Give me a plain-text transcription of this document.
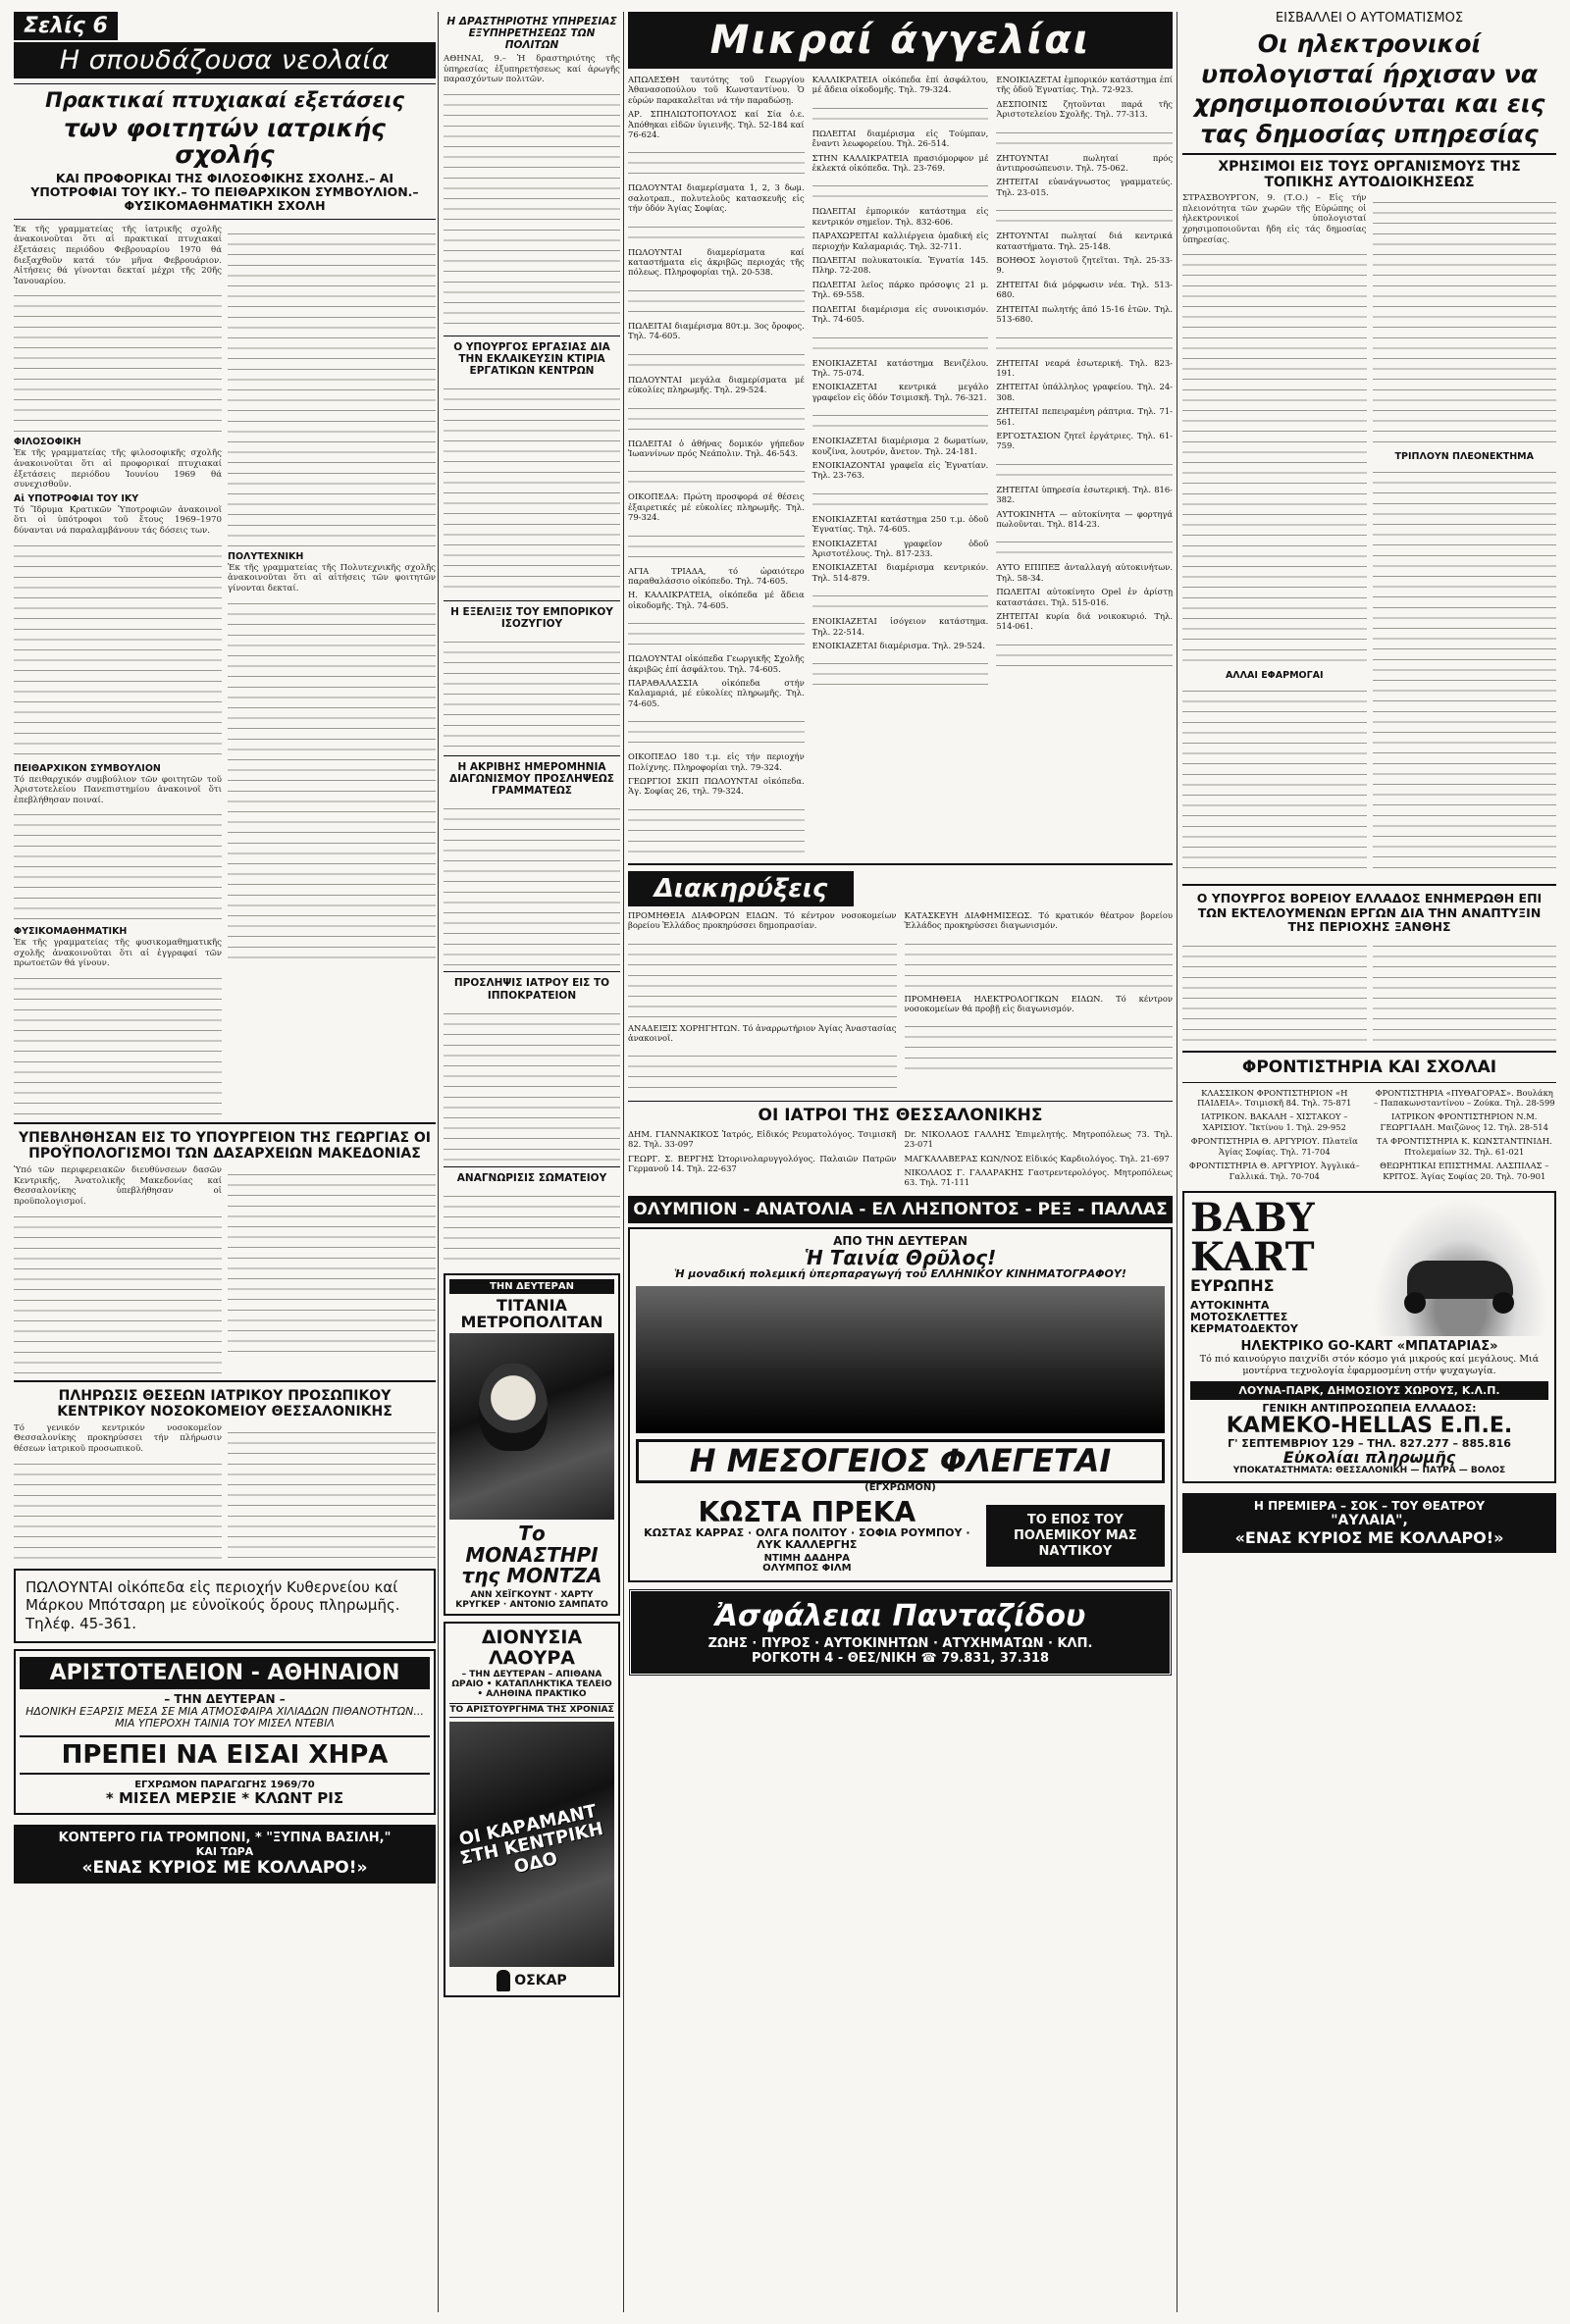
Σελίς 6
Η σπουδάζουσα νεολαία
Πρακτικαί πτυχιακαί εξετάσεις
των φοιτητών ιατρικής σχολής
ΚΑΙ ΠΡΟΦΟΡΙΚΑΙ ΤΗΣ ΦΙΛΟΣΟΦΙΚΗΣ ΣΧΟΛΗΣ.– ΑΙ ΥΠΟΤΡΟΦΙΑΙ ΤΟΥ ΙΚΥ.– ΤΟ ΠΕΙΘΑΡΧΙΚΟΝ ΣΥΜΒΟΥΛΙΟΝ.– ΦΥΣΙΚΟΜΑΘΗΜΑΤΙΚΗ ΣΧΟΛΗ

Ἐκ τῆς γραμματείας τῆς ἰατρικῆς σχολῆς ἀνακοινοῦται ὅτι αἱ πρακτικαί πτυχιακαί ἐξετάσεις περιόδου Φεβρουαρίου 1970 θά διεξαχθοῦν κατά τόν μῆνα Φεβρουάριον. Αἰτήσεις θά γίνονται δεκταί μέχρι τῆς 20ῆς Ἰανουαρίου.

ΦΙΛΟΣΟΦΙΚΗ

Ἐκ τῆς γραμματείας τῆς φιλοσοφικῆς σχολῆς ἀνακοινοῦται ὅτι αἱ προφορικαί πτυχιακαί ἐξετάσεις περιόδου Ἰουνίου 1969 θά συνεχισθοῦν.

Αἱ ΥΠΟΤΡΟΦΙΑΙ ΤΟΥ ΙΚΥ

Τό Ἵδρυμα Κρατικῶν Ὑποτροφιῶν ἀνακοινοῖ ὅτι οἱ ὑπότροφοι τοῦ ἔτους 1969–1970 δύνανται νά παραλαμβάνουν τάς δόσεις των.

ΠΕΙΘΑΡΧΙΚΟΝ ΣΥΜΒΟΥΛΙΟΝ

Τό πειθαρχικόν συμβούλιον τῶν φοιτητῶν τοῦ Ἀριστοτελείου Πανεπιστημίου ἀνακοινοῖ ὅτι ἐπεβλήθησαν ποιναί.

ΦΥΣΙΚΟΜΑΘΗΜΑΤΙΚΗ

Ἐκ τῆς γραμματείας τῆς φυσικομαθηματικῆς σχολῆς ἀνακοινοῦται ὅτι αἱ ἐγγραφαί τῶν πρωτοετῶν θά γίνουν.

ΠΟΛΥΤΕΧΝΙΚΗ

Ἐκ τῆς γραμματείας τῆς Πολυτεχνικῆς σχολῆς ἀνακοινοῦται ὅτι αἱ αἰτήσεις τῶν φοιτητῶν γίνονται δεκταί.

ΥΠΕΒΛΗΘΗΣΑΝ ΕΙΣ ΤΟ ΥΠΟΥΡΓΕΙΟΝ ΤΗΣ ΓΕΩΡΓΙΑΣ ΟΙ ΠΡΟΫΠΟΛΟΓΙΣΜΟΙ ΤΩΝ ΔΑΣΑΡΧΕΙΩΝ ΜΑΚΕΔΟΝΙΑΣ

Ὑπό τῶν περιφερειακῶν διευθύνσεων δασῶν Κεντρικῆς, Ἀνατολικῆς Μακεδονίας καί Θεσσαλονίκης ὑπεβλήθησαν οἱ προϋπολογισμοί.

ΠΛΗΡΩΣΙΣ ΘΕΣΕΩΝ ΙΑΤΡΙΚΟΥ ΠΡΟΣΩΠΙΚΟΥ ΚΕΝΤΡΙΚΟΥ ΝΟΣΟΚΟΜΕΙΟΥ ΘΕΣΣΑΛΟΝΙΚΗΣ

Τό γενικόν κεντρικόν νοσοκομεῖον Θεσσαλονίκης προκηρύσσει τήν πλήρωσιν θέσεων ἰατρικοῦ προσωπικοῦ.

ΠΩΛΟΥΝΤΑΙ οἰκόπεδα εἰς περιοχήν Κυθερνείου καί Μάρκου Μπότσαρη με εὐνοϊκούς ὅρους πληρωμῆς. Τηλέφ. 45-361.
ΑΡΙΣΤΟΤΕΛΕΙΟΝ - ΑΘΗΝΑΙΟΝ
– ΤΗΝ ΔΕΥΤΕΡΑΝ –
ΗΔΟΝΙΚΗ ΕΞΑΡΣΙΣ ΜΕΣΑ ΣΕ ΜΙΑ ΑΤΜΟΣΦΑΙΡΑ ΧΙΛΙΑΔΩΝ ΠΙΘΑΝΟΤΗΤΩΝ...
ΜΙΑ ΥΠΕΡΟΧΗ ΤΑΙΝΙΑ ΤΟΥ ΜΙΣΕΛ ΝΤΕΒΙΛ
ΠΡΕΠΕΙ ΝΑ ΕΙΣΑΙ ΧΗΡΑ
ΕΓΧΡΩΜΟΝ ΠΑΡΑΓΩΓΗΣ 1969/70
* ΜΙΣΕΛ ΜΕΡΣΙΕ * ΚΛΩΝΤ ΡΙΣ
ΚΟΝΤΕΡΓΟ ΓΙΑ ΤΡΟΜΠΟΝΙ, * "ΞΥΠΝΑ ΒΑΣΙΛΗ,"
ΚΑΙ ΤΩΡΑ
«ΕΝΑΣ ΚΥΡΙΟΣ ΜΕ ΚΟΛΛΑΡΟ!»
Η ΔΡΑΣΤΗΡΙΟΤΗΣ ΥΠΗΡΕΣΙΑΣ ΕΞΥΠΗΡΕΤΗΣΕΩΣ ΤΩΝ ΠΟΛΙΤΩΝ

ΑΘΗΝΑΙ, 9.– Ἡ δραστηριότης τῆς ὑπηρεσίας ἐξυπηρετήσεως καί ἀρωγῆς παρασχόντων πολιτῶν.

Ο ΥΠΟΥΡΓΟΣ ΕΡΓΑΣΙΑΣ ΔΙΑ ΤΗΝ ΕΚΛΑΙΚΕΥΣΙΝ ΚΤΙΡΙΑ ΕΡΓΑΤΙΚΩΝ ΚΕΝΤΡΩΝ
Η ΕΞΕΛΙΞΙΣ ΤΟΥ ΕΜΠΟΡΙΚΟΥ ΙΣΟΖΥΓΙΟΥ
Η ΑΚΡΙΒΗΣ ΗΜΕΡΟΜΗΝΙΑ ΔΙΑΓΩΝΙΣΜΟΥ ΠΡΟΣΛΗΨΕΩΣ ΓΡΑΜΜΑΤΕΩΣ
ΠΡΟΣΛΗΨΙΣ ΙΑΤΡΟΥ ΕΙΣ ΤΟ ΙΠΠΟΚΡΑΤΕΙΟΝ
ΑΝΑΓΝΩΡΙΣΙΣ ΣΩΜΑΤΕΙΟΥ
ΤΗΝ ΔΕΥΤΕΡΑΝ
ΤΙΤΑΝΙΑ ΜΕΤΡΟΠΟΛΙΤΑΝ
Το ΜΟΝΑΣΤΗΡΙ της ΜΟΝΤΖΑ
ΑΝΝ ΧΕΪΓΚΟΥΝΤ · ΧΑΡΤΥ ΚΡΥΓΚΕΡ · ΑΝΤΟΝΙΟ ΣΑΜΠΑΤΟ
ΔΙΟΝΥΣΙΑ ΛΑΟΥΡΑ
– ΤΗΝ ΔΕΥΤΕΡΑΝ – ΑΠΙΘΑΝΑ ΩΡΑΙΟ • ΚΑΤΑΠΛΗΚΤΙΚΑ ΤΕΛΕΙΟ • ΑΛΗΘΙΝΑ ΠΡΑΚΤΙΚΟ
ΤΟ ΑΡΙΣΤΟΥΡΓΗΜΑ ΤΗΣ ΧΡΟΝΙΑΣ
ΟΙ ΚΑΡΑΜΑΝΤ ΣΤΗ ΚΕΝΤΡΙΚΗ ΟΔΟ
ΟΣΚΑΡ
Μικραί άγγελίαι

ΑΠΩΛΕΣΘΗ ταυτότης τοῦ Γεωργίου Ἀθανασοπούλου τοῦ Κωνσταντίνου. Ὁ εὑρών παρακαλεῖται νά τήν παραδώσῃ.

ΑΡ. ΣΠΗΛΙΩΤΟΠΟΥΛΟΣ καί Σία ὁ.ε. Ἀπόθηκαι εἰδῶν ὑγιεινῆς. Τηλ. 52-184 καί 76-624.

ΠΩΛΟΥΝΤΑΙ διαμερίσματα 1, 2, 3 δωμ. σαλοτραπ., πολυτελοῦς κατασκευῆς εἰς τήν ὁδόν Ἁγίας Σοφίας.

ΠΩΛΟΥΝΤΑΙ διαμερίσματα καί καταστήματα εἰς ἀκριβῶς περιοχάς τῆς πόλεως. Πληροφορίαι τηλ. 20-538.

ΠΩΛΕΙΤΑΙ διαμέρισμα 80τ.μ. 3ος ὄροφος. Τηλ. 74-605.

ΠΩΛΟΥΝΤΑΙ μεγάλα διαμερίσματα μέ εὐκολίες πληρωμῆς. Τηλ. 29-524.

ΠΩΛΕΙΤΑΙ ὁ ἀθήνας δομικόν γήπεδον Ἰωαννίνων πρός Νεάπολιν. Τηλ. 46-543.

ΟΙΚΟΠΕΔΑ: Πρώτη προσφορά σέ θέσεις ἐξαιρετικές μέ εὐκολίες πληρωμῆς. Τηλ. 79-324.

ΑΓΙΑ ΤΡΙΑΔΑ, τό ὡραιότερο παραθαλάσσιο οἰκόπεδο. Τηλ. 74-605.

Η. ΚΑΛΛΙΚΡΑΤΕΙΑ, οἰκόπεδα μέ ἄδεια οἰκοδομῆς. Τηλ. 74-605.

ΠΩΛΟΥΝΤΑΙ οἰκόπεδα Γεωργικῆς Σχολῆς ἀκριβῶς ἐπί ἀσφάλτου. Τηλ. 74-605.

ΠΑΡΑΘΑΛΑΣΣΙΑ οἰκόπεδα στήν Καλαμαριά, μέ εὐκολίες πληρωμῆς. Τηλ. 74-605.

ΟΙΚΟΠΕΔΟ 180 τ.μ. εἰς τήν περιοχήν Πολίχνης. Πληροφορίαι τηλ. 79-324.

ΓΕΩΡΓΙΟΙ ΣΚΙΠ ΠΩΛΟΥΝΤΑΙ οἰκόπεδα. Ἁγ. Σοφίας 26, τηλ. 79-324.

ΚΑΛΛΙΚΡΑΤΕΙΑ οἰκόπεδα ἐπί ἀσφάλτου, μέ ἄδεια οἰκοδομῆς. Τηλ. 79-324.

ΠΩΛΕΙΤΑΙ διαμέρισμα εἰς Τούμπαν, ἔναντι λεωφορείου. Τηλ. 26-514.

ΣΤΗΝ ΚΑΛΛΙΚΡΑΤΕΙΑ πρασιόμορφον μέ ἐκλεκτά οἰκόπεδα. Τηλ. 23-769.

ΠΩΛΕΙΤΑΙ ἐμπορικόν κατάστημα εἰς κεντρικόν σημεῖον. Τηλ. 832-606.

ΠΑΡΑΧΩΡΕΙΤΑΙ καλλιέργεια ὁμαδική εἰς περιοχήν Καλαμαριάς. Τηλ. 32-711.

ΠΩΛΕΙΤΑΙ πολυκατοικία. Ἐγνατία 145. Πληρ. 72-208.

ΠΩΛΕΙΤΑΙ λεῖος πάρκο πρόσοψις 21 μ. Τηλ. 69-558.

ΠΩΛΕΙΤΑΙ διαμέρισμα εἰς συνοικισμόν. Τηλ. 74-605.

ΕΝΟΙΚΙΑΖΕΤΑΙ κατάστημα Βενιζέλου. Τηλ. 75-074.

ΕΝΟΙΚΙΑΖΕΤΑΙ κεντρικά μεγάλο γραφεῖον εἰς ὁδόν Τσιμισκῆ. Τηλ. 76-321.

ΕΝΟΙΚΙΑΖΕΤΑΙ διαμέρισμα 2 δωματίων, κουζίνα, λουτρόν, ἄνετον. Τηλ. 24-181.

ΕΝΟΙΚΙΑΖΟΝΤΑΙ γραφεῖα εἰς Ἐγνατίαν. Τηλ. 23-763.

ΕΝΟΙΚΙΑΖΕΤΑΙ κατάστημα 250 τ.μ. ὁδοῦ Ἐγνατίας. Τηλ. 74-605.

ΕΝΟΙΚΙΑΖΕΤΑΙ γραφεῖον ὁδοῦ Ἀριστοτέλους. Τηλ. 817-233.

ΕΝΟΙΚΙΑΖΕΤΑΙ διαμέρισμα κεντρικόν. Τηλ. 514-879.

ΕΝΟΙΚΙΑΖΕΤΑΙ ἰσόγειον κατάστημα. Τηλ. 22-514.

ΕΝΟΙΚΙΑΖΕΤΑΙ διαμέρισμα. Τηλ. 29-524.

ΕΝΟΙΚΙΑΖΕΤΑΙ ἐμπορικόν κατάστημα ἐπί τῆς ὁδοῦ Ἐγνατίας. Τηλ. 72-923.

ΔΕΣΠΟΙΝΙΣ ζητοῦνται παρά τῆς Ἀριστοτελείου Σχολῆς. Τηλ. 77-313.

ΖΗΤΟΥΝΤΑΙ πωληταί πρός ἀντιπροσώπευσιν. Τηλ. 75-062.

ΖΗΤΕΙΤΑΙ εὐανάγνωστος γραμματεύς. Τηλ. 23-015.

ΖΗΤΟΥΝΤΑΙ πωληταί διά κεντρικά καταστήματα. Τηλ. 25-148.

ΒΟΗΘΟΣ λογιστοῦ ζητεῖται. Τηλ. 25-33-9.

ΖΗΤΕΙΤΑΙ διά μόρφωσιν νέα. Τηλ. 513-680.

ΖΗΤΕΙΤΑΙ πωλητής ἀπό 15-16 ἐτῶν. Τηλ. 513-680.

ΖΗΤΕΙΤΑΙ νεαρά ἐσωτερική. Τηλ. 823-191.

ΖΗΤΕΙΤΑΙ ὑπάλληλος γραφείου. Τηλ. 24-308.

ΖΗΤΕΙΤΑΙ πεπειραμένη ράπτρια. Τηλ. 71-561.

ΕΡΓΟΣΤΑΣΙΟΝ ζητεῖ ἐργάτριες. Τηλ. 61-759.

ΖΗΤΕΙΤΑΙ ὑπηρεσία ἐσωτερική. Τηλ. 816-382.

ΑΥΤΟΚΙΝΗΤΑ — αὐτοκίνητα — φορτηγά πωλοῦνται. Τηλ. 814-23.

ΑΥΤΟ ΕΠΙΠΕΞ ἀνταλλαγή αὐτοκινήτων. Τηλ. 58-34.

ΠΩΛΕΙΤΑΙ αὐτοκίνητο Opel ἐν ἀρίστῃ καταστάσει. Τηλ. 515-016.

ΖΗΤΕΙΤΑΙ κυρία διά νοικοκυριό. Τηλ. 514-061.

Διακηρύξεις

ΠΡΟΜΗΘΕΙΑ ΔΙΑΦΟΡΩΝ ΕΙΔΩΝ. Τό κέντρον νοσοκομείων βορείου Ἑλλάδος προκηρύσσει δημοπρασίαν.

ΑΝΑΔΕΙΞΙΣ ΧΟΡΗΓΗΤΩΝ. Τό ἀναρρωτήριον Ἀγίας Ἀναστασίας ἀνακοινοῖ.

ΚΑΤΑΣΚΕΥΗ ΔΙΑΦΗΜΙΣΕΩΣ. Τό κρατικόν θέατρον βορείου Ἑλλάδος προκηρύσσει διαγωνισμόν.

ΠΡΟΜΗΘΕΙΑ ΗΛΕΚΤΡΟΛΟΓΙΚΩΝ ΕΙΔΩΝ. Τό κέντρον νοσοκομείων θά προβῇ εἰς διαγωνισμόν.

ΟΙ ΙΑΤΡΟΙ ΤΗΣ ΘΕΣΣΑΛΟΝΙΚΗΣ

ΔΗΜ. ΓΙΑΝΝΑΚΙΚΟΣ Ἰατρός, Εἰδικός Ρευματολόγος. Τσιμισκῆ 82. Τηλ. 33-097

ΓΕΩΡΓ. Σ. ΒΕΡΓΗΣ Ὠτορινολαρυγγολόγος. Παλαιῶν Πατρῶν Γερμανοῦ 14. Τηλ. 22-637

Dr. ΝΙΚΟΛΑΟΣ ΓΑΛΛΗΣ Ἐπιμελητής. Μητροπόλεως 73. Τηλ. 23-071

ΜΑΓΚΑΛΑΒΕΡΑΣ ΚΩΝ/ΝΟΣ Εἰδικός Καρδιολόγος. Τηλ. 21-697

ΝΙΚΟΛΑΟΣ Γ. ΓΑΛΑΡΑΚΗΣ Γαστρεντερολόγος. Μητροπόλεως 63. Τηλ. 71-111

ΟΛΥΜΠΙΟΝ - ΑΝΑΤΟΛΙΑ - ΕΛ ΛΗΣΠΟΝΤΟΣ - ΡΕΞ - ΠΑΛΛΑΣ
ΑΠΟ ΤΗΝ ΔΕΥΤΕΡΑΝ
Ἡ Ταινία Θρῦλος!
Ἡ μοναδική πολεμική ὑπερπαραγωγή τοῦ ΕΛΛΗΝΙΚΟΥ ΚΙΝΗΜΑΤΟΓΡΑΦΟΥ!
Η ΜΕΣΟΓΕΙΟΣ ΦΛΕΓΕΤΑΙ
(ΕΓΧΡΩΜΟΝ)
ΚΩΣΤΑ ΠΡΕΚΑ
ΚΩΣΤΑΣ ΚΑΡΡΑΣ · ΟΛΓΑ ΠΟΛΙΤΟΥ · ΣΟΦΙΑ ΡΟΥΜΠΟΥ · ΛΥΚ ΚΑΛΛΕΡΓΗΣ
ΝΤΙΜΗ ΔΑΔΗΡΑ
ΟΛΥΜΠΟΣ ΦΙΛΜ
ΤΟ ΕΠΟΣ ΤΟΥ ΠΟΛΕΜΙΚΟΥ ΜΑΣ ΝΑΥΤΙΚΟΥ
Ἀσφάλειαι Πανταζίδου
ΖΩΗΣ · ΠΥΡΟΣ · ΑΥΤΟΚΙΝΗΤΩΝ · ΑΤΥΧΗΜΑΤΩΝ · ΚΛΠ.
ΡΟΓΚΟΤΗ 4 - ΘΕΣ/ΝΙΚΗ ☎ 79.831, 37.318
ΕΙΣΒΑΛΛΕΙ Ο ΑΥΤΟΜΑΤΙΣΜΟΣ
Οι ηλεκτρονικοί υπολογισταί ήρχισαν να χρησιμοποιούνται και εις τας δημοσίας υπηρεσίας
ΧΡΗΣΙΜΟΙ ΕΙΣ ΤΟΥΣ ΟΡΓΑΝΙΣΜΟΥΣ ΤΗΣ ΤΟΠΙΚΗΣ ΑΥΤΟΔΙΟΙΚΗΣΕΩΣ

ΣΤΡΑΣΒΟΥΡΓΟΝ, 9. (Τ.Ο.) – Εἰς τήν πλειονότητα τῶν χωρῶν τῆς Εὐρώπης οἱ ἠλεκτρονικοί ὑπολογισταί χρησιμοποιοῦνται ἤδη εἰς τάς δημοσίας ὑπηρεσίας.

ΑΛΛΑΙ ΕΦΑΡΜΟΓΑΙ
ΤΡΙΠΛΟΥΝ ΠΛΕΟΝΕΚΤΗΜΑ
Ο ΥΠΟΥΡΓΟΣ ΒΟΡΕΙΟΥ ΕΛΛΑΔΟΣ ΕΝΗΜΕΡΩΘΗ ΕΠΙ ΤΩΝ ΕΚΤΕΛΟΥΜΕΝΩΝ ΕΡΓΩΝ ΔΙΑ ΤΗΝ ΑΝΑΠΤΥΞΙΝ ΤΗΣ ΠΕΡΙΟΧΗΣ ΞΑΝΘΗΣ
ΦΡΟΝΤΙΣΤΗΡΙΑ ΚΑΙ ΣΧΟΛΑΙ

ΚΛΑΣΣΙΚΟΝ ΦΡΟΝΤΙΣΤΗΡΙΟΝ «Η ΠΑΙΔΕΙΑ». Τσιμισκῆ 84. Τηλ. 75-871

ΙΑΤΡΙΚΟΝ. ΒΑΚΑΛΗ – ΧΙΣΤΑΚΟΥ – ΧΑΡΙΣΙΟΥ. Ἵκτίνου 1. Τηλ. 29-952

ΦΡΟΝΤΙΣΤΗΡΙΑ Θ. ΑΡΓΥΡΙΟΥ. Πλατεῖα Ἁγίας Σοφίας. Τηλ. 71-704

ΦΡΟΝΤΙΣΤΗΡΙΑ Θ. ΑΡΓΥΡΙΟΥ. Ἀγγλικά–Γαλλικά. Τηλ. 70-704

ΦΡΟΝΤΙΣΤΗΡΙΑ «ΠΥΘΑΓΟΡΑΣ». Βουλάκη – Παπακωνσταντίνου – Ζούκα. Τηλ. 28-599

ΙΑΤΡΙΚΟΝ ΦΡΟΝΤΙΣΤΗΡΙΟΝ Ν.Μ. ΓΕΩΡΓΙΑΔΗ. Μαιζῶνος 12. Τηλ. 28-514

ΤΑ ΦΡΟΝΤΙΣΤΗΡΙΑ Κ. ΚΩΝΣΤΑΝΤΙΝΙΔΗ. Πτολεμαίων 32. Τηλ. 61-021

ΘΕΩΡΗΤΙΚΑΙ ΕΠΙΣΤΗΜΑΙ. ΛΑΣΠΙΛΑΣ – ΚΡΙΤΟΣ. Ἁγίας Σοφίας 20. Τηλ. 70-901

BABY KART
ΕΥΡΩΠΗΣ
ΑΥΤΟΚΙΝΗΤΑ ΜΟΤΟΣΚΛΕΤΤΕΣ ΚΕΡΜΑΤΟΔΕΚΤΟΥ
ΗΛΕΚΤΡΙΚΟ GO-KART «ΜΠΑΤΑΡΙΑΣ»

Τό πιό καινούργιο παιχνίδι στόν κόσμο γιά μικρούς καί μεγάλους. Μιά μοντέρνα τεχνολογία ἐφαρμοσμένη στήν ψυχαγωγία.

ΛΟΥΝΑ-ΠΑΡΚ, ΔΗΜΟΣΙΟΥΣ ΧΩΡΟΥΣ, Κ.Λ.Π.
ΓΕΝΙΚΗ ΑΝΤΙΠΡΟΣΩΠΕΙΑ ΕΛΛΑΔΟΣ:
ΚΑΜΕΚΟ-HELLAS Ε.Π.Ε.
Γ' ΣΕΠΤΕΜΒΡΙΟΥ 129 – ΤΗΛ. 827.277 – 885.816
Εὐκολίαι πληρωμῆς
ΥΠΟΚΑΤΑΣΤΗΜΑΤΑ: ΘΕΣΣΑΛΟΝΙΚΗ — ΠΑΤΡΑ — ΒΟΛΟΣ
Η ΠΡΕΜΙΕΡΑ – ΣΟΚ – ΤΟΥ ΘΕΑΤΡΟΥ
"ΑΥΛΑΙΑ",
«ΕΝΑΣ ΚΥΡΙΟΣ ΜΕ ΚΟΛΛΑΡΟ!»
